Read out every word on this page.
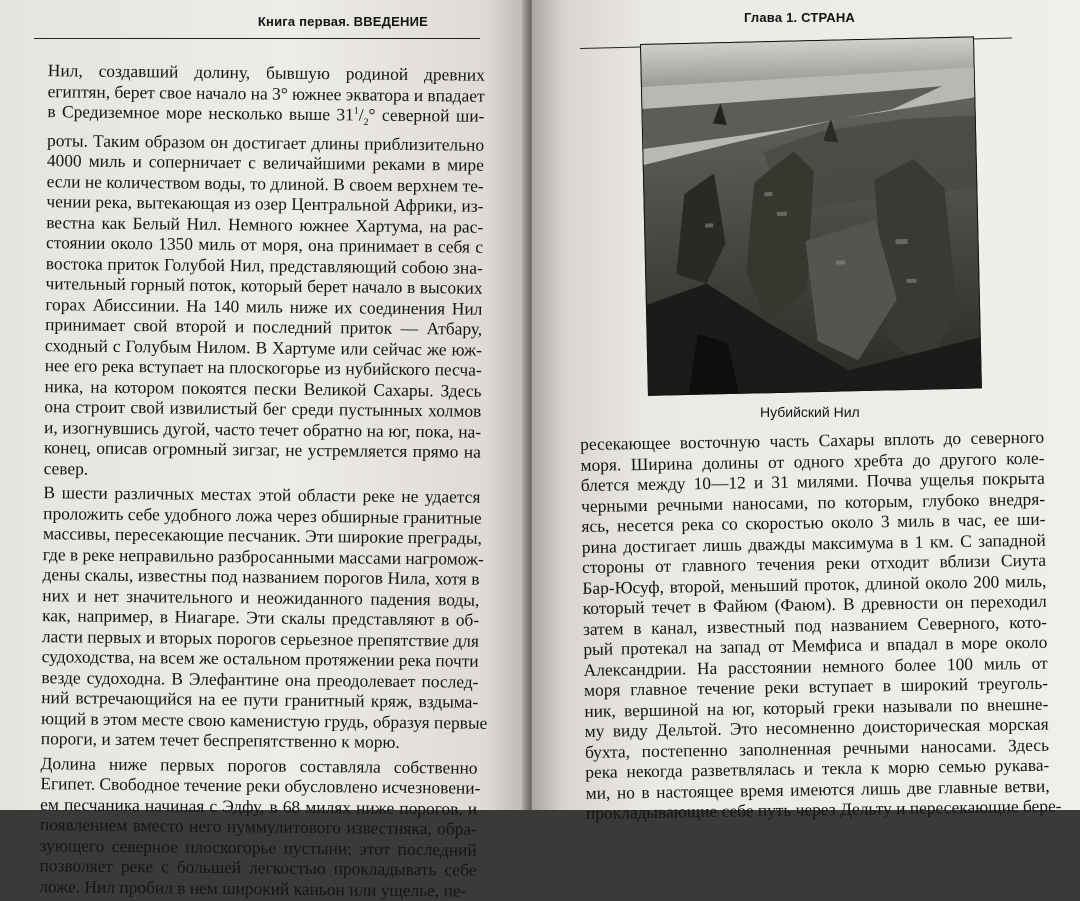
Книга первая. ВВЕДЕНИЕ

Нил, создавший долину, бывшую родиной древних
египтян, берет свое начало на 3° южнее экватора и впадает
в Средиземное море несколько выше $31^1/_2^\circ$ северной ши-
роты. Таким образом он достигает длины приблизительно
4000 миль и соперничает с величайшими реками в мире
если не количеством воды, то длиной. В своем верхнем те-
чении река, вытекающая из озер Центральной Африки, из-
вестна как Белый Нил. Немного южнее Хартума, на рас-
стоянии около 1350 миль от моря, она принимает в себя с
востока приток Голубой Нил, представляющий собою зна-
чительный горный поток, который берет начало в высоких
горах Абиссинии. На 140 миль ниже их соединения Нил
принимает свой второй и последний приток — Атбару,
сходный с Голубым Нилом. В Хартуме или сейчас же юж-
нее его река вступает на плоскогорье из нубийского песча-
ника, на котором покоятся пески Великой Сахары. Здесь
она строит свой извилистый бег среди пустынных холмов
и, изогнувшись дугой, часто течет обратно на юг, пока, на-
конец, описав огромный зигзаг, не устремляется прямо на
север.

В шести различных местах этой области реке не удается
проложить себе удобного ложа через обширные гранитные
массивы, пересекающие песчаник. Эти широкие преграды,
где в реке неправильно разбросанными массами нагромож-
дены скалы, известны под названием порогов Нила, хотя в
них и нет значительного и неожиданного падения воды,
как, например, в Ниагаре. Эти скалы представляют в об-
ласти первых и вторых порогов серьезное препятствие для
судоходства, на всем же остальном протяжении река почти
везде судоходна. В Элефантине она преодолевает послед-
ний встречающийся на ее пути гранитный кряж, вздыма-
ющий в этом месте свою каменистую грудь, образуя первые
пороги, и затем течет беспрепятственно к морю.

Долина ниже первых порогов составляла собственно
Египет. Свободное течение реки обусловлено исчезновени-
ем песчаника начиная с Эдфу, в 68 милях ниже порогов, и
появлением вместо него нуммулитового известняка, обра-
зующего северное плоскогорье пустыни; этот последний
позволяет реке с большей легкостью прокладывать себе
ложе. Нил пробил в нем широкий каньон или ущелье, пе-

Глава 1. СТРАНА
Нубийский Нил

ресекающее восточную часть Сахары вплоть до северного
моря. Ширина долины от одного хребта до другого коле-
блется между 10—12 и 31 милями. Почва ущелья покрыта
черными речными наносами, по которым, глубоко внедря-
ясь, несется река со скоростью около 3 миль в час, ее ши-
рина достигает лишь дважды максимума в 1 км. С западной
стороны от главного течения реки отходит вблизи Сиута
Бар-Юсуф, второй, меньший проток, длиной около 200 миль,
который течет в Файюм (Фаюм). В древности он переходил
затем в канал, известный под названием Северного, кото-
рый протекал на запад от Мемфиса и впадал в море около
Александрии. На расстоянии немного более 100 миль от
моря главное течение реки вступает в широкий треуголь-
ник, вершиной на юг, который греки называли по внешне-
му виду Дельтой. Это несомненно доисторическая морская
бухта, постепенно заполненная речными наносами. Здесь
река некогда разветвлялась и текла к морю семью рукава-
ми, но в настоящее время имеются лишь две главные ветви,
прокладывающие себе путь через Дельту и пересекающие бере-
